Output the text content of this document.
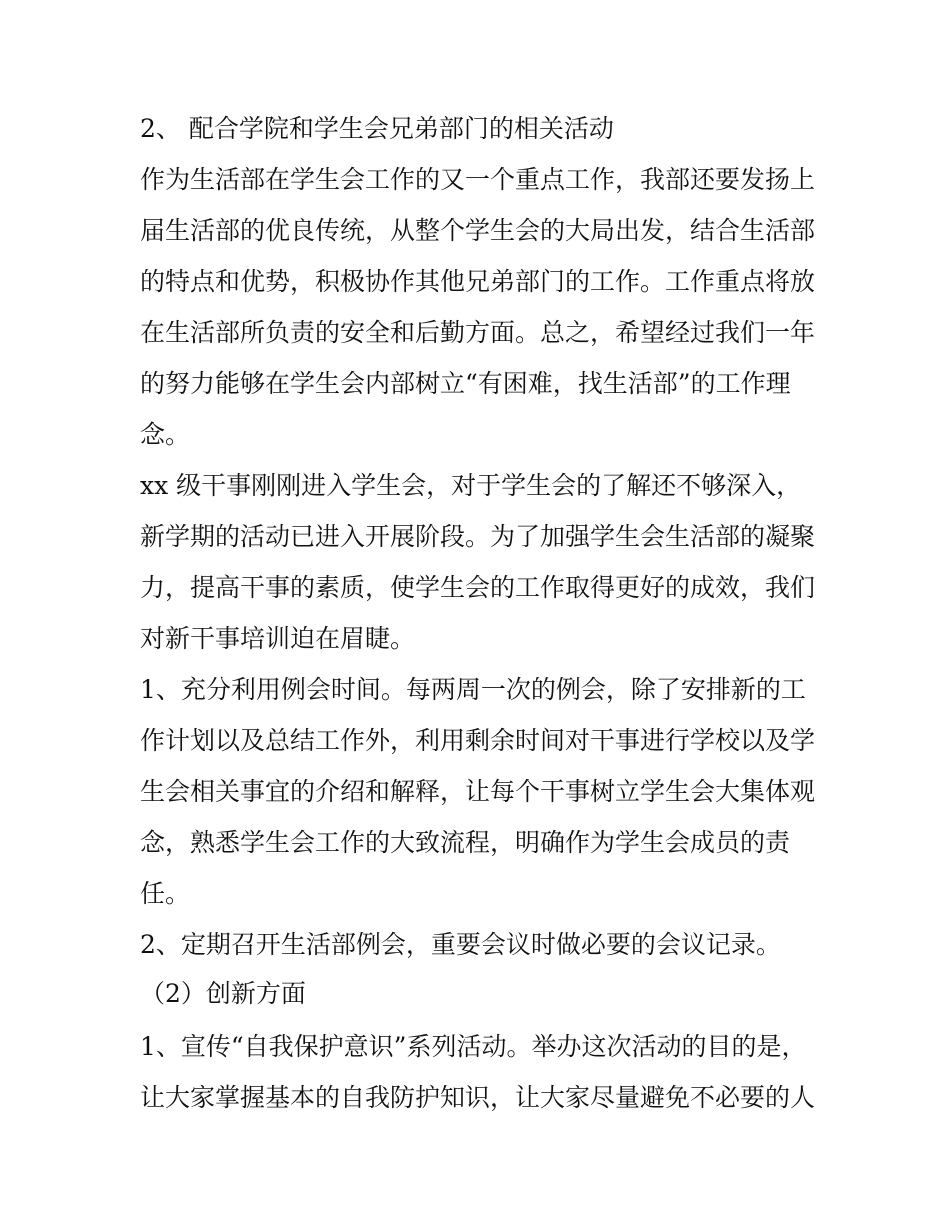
2、 配合学院和学生会兄弟部门的相关活动
作为生活部在学生会工作的又一个重点工作，我部还要发扬上
届生活部的优良传统，从整个学生会的大局出发，结合生活部
的特点和优势，积极协作其他兄弟部门的工作。工作重点将放
在生活部所负责的安全和后勤方面。总之，希望经过我们一年
的努力能够在学生会内部树立“有困难，找生活部”的工作理
念。
xx 级干事刚刚进入学生会，对于学生会的了解还不够深入，
新学期的活动已进入开展阶段。为了加强学生会生活部的凝聚
力，提高干事的素质，使学生会的工作取得更好的成效，我们
对新干事培训迫在眉睫。
1、充分利用例会时间。每两周一次的例会，除了安排新的工
作计划以及总结工作外，利用剩余时间对干事进行学校以及学
生会相关事宜的介绍和解释，让每个干事树立学生会大集体观
念，熟悉学生会工作的大致流程，明确作为学生会成员的责
任。
2、定期召开生活部例会，重要会议时做必要的会议记录。
（2）创新方面
1、宣传“自我保护意识”系列活动。举办这次活动的目的是，
让大家掌握基本的自我防护知识，让大家尽量避免不必要的人
